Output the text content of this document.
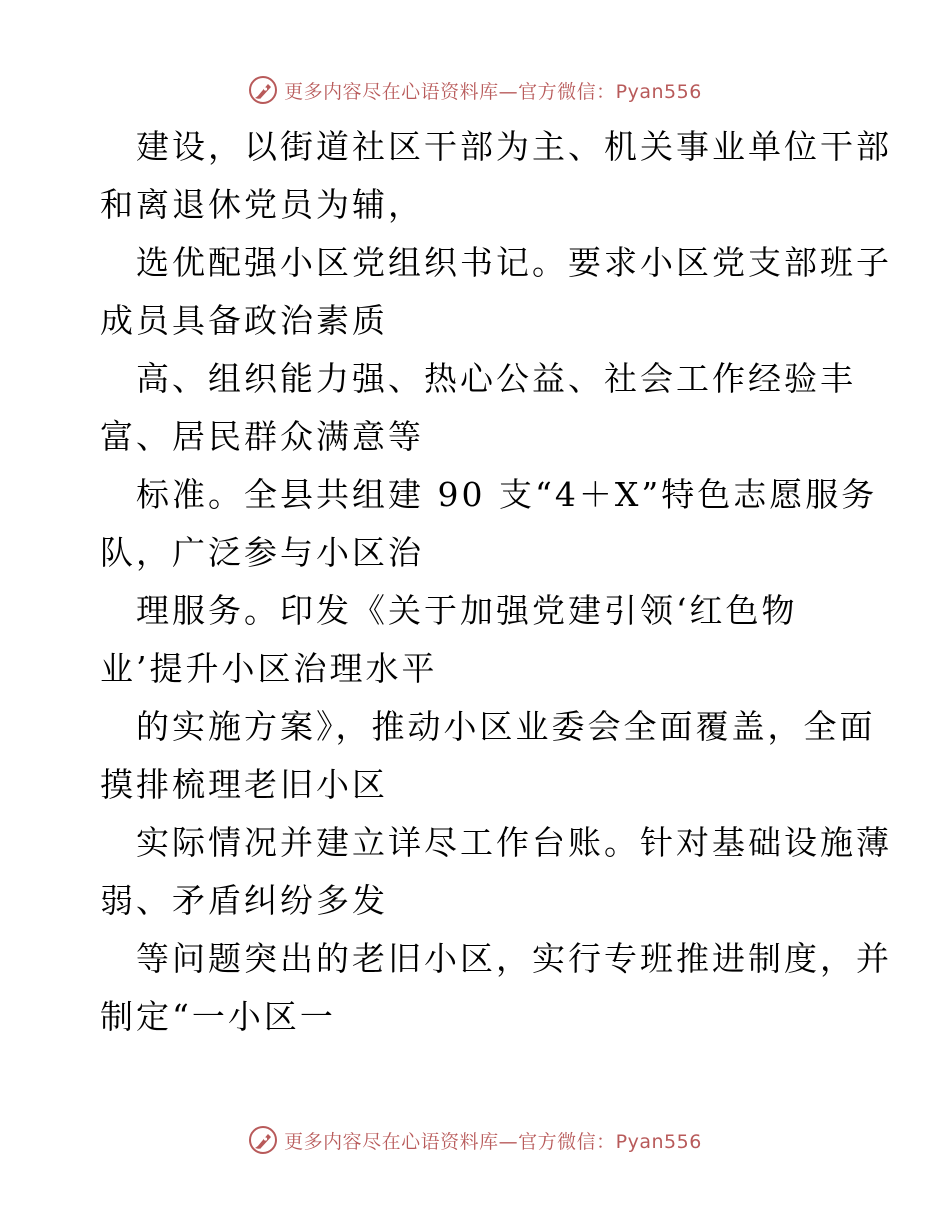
更多内容尽在心语资料库—官方微信：Pyan556
建设，以街道社区干部为主、机关事业单位干部
和离退休党员为辅，
选优配强小区党组织书记。要求小区党支部班子
成员具备政治素质
高、组织能力强、热心公益、社会工作经验丰
富、居民群众满意等
标准。全县共组建 90 支“4＋X”特色志愿服务
队，广泛参与小区治
理服务。印发《关于加强党建引领‘红色物
业’提升小区治理水平
的实施方案》，推动小区业委会全面覆盖，全面
摸排梳理老旧小区
实际情况并建立详尽工作台账。针对基础设施薄
弱、矛盾纠纷多发
等问题突出的老旧小区，实行专班推进制度，并
制定“一小区一
更多内容尽在心语资料库—官方微信：Pyan556
